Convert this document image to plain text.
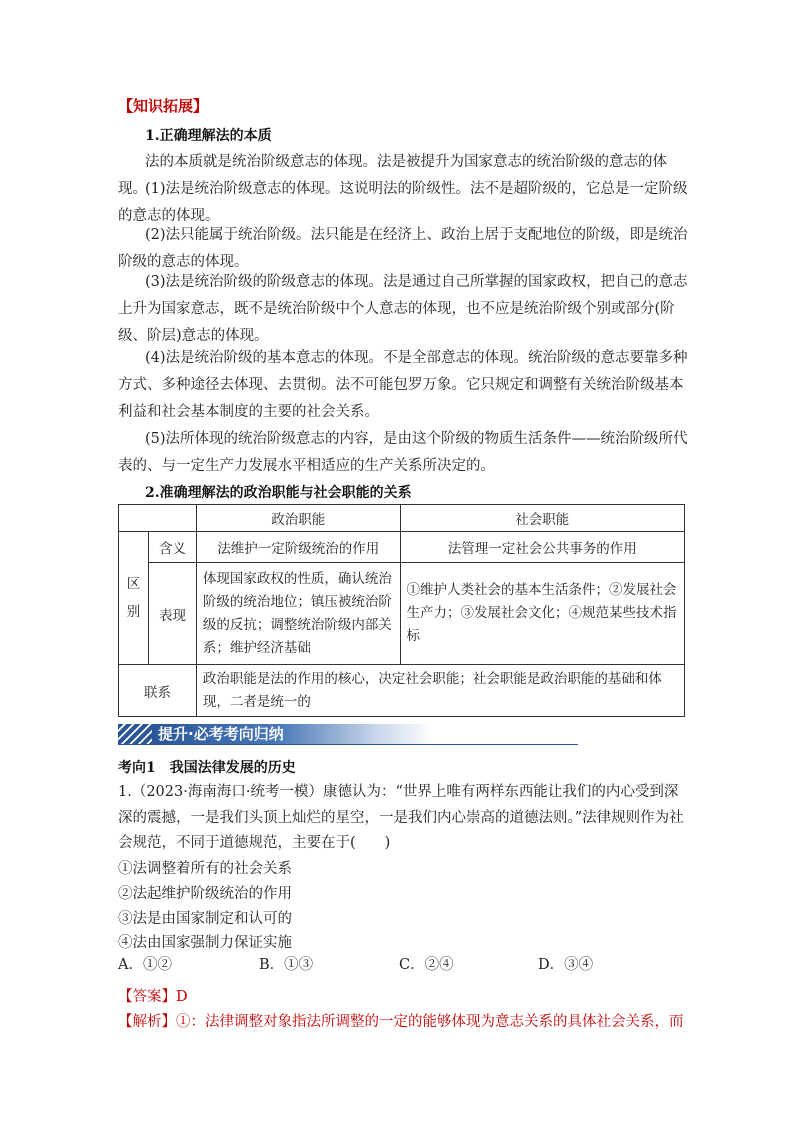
【知识拓展】
1.正确理解法的本质
法的本质就是统治阶级意志的体现。法是被提升为国家意志的统治阶级的意志的体现。
(1)法是统治阶级意志的体现。这说明法的阶级性。法不是超阶级的，它总是一定阶级的意志的体现。
(2)法只能属于统治阶级。法只能是在经济上、政治上居于支配地位的阶级，即是统治阶级的意志的体现。
(3)法是统治阶级的阶级意志的体现。法是通过自己所掌握的国家政权，把自己的意志上升为国家意志，既不是统治阶级中个人意志的体现，也不应是统治阶级个别或部分(阶级、阶层)意志的体现。
(4)法是统治阶级的基本意志的体现。不是全部意志的体现。统治阶级的意志要靠多种方式、多种途径去体现、去贯彻。法不可能包罗万象。它只规定和调整有关统治阶级基本利益和社会基本制度的主要的社会关系。
(5)法所体现的统治阶级意志的内容，是由这个阶级的物质生活条件——统治阶级所代表的、与一定生产力发展水平相适应的生产关系所决定的。
2.准确理解法的政治职能与社会职能的关系
		政治职能	社会职能

区别	含义	法维护一定阶级统治的作用	法管理一定社会公共事务的作用
	表现	体现国家政权的性质，确认统治阶级的统治地位；镇压被统治阶级的反抗；调整统治阶级内部关系；维护经济基础	①维护人类社会的基本生活条件；②发展社会生产力；③发展社会文化；④规范某些技术指标
联系		政治职能是法的作用的核心，决定社会职能；社会职能是政治职能的基础和体现，二者是统一的	
提升·必考考向归纳
考向1　我国法律发展的历史
1.（2023·海南海口·统考一模）康德认为：“世界上唯有两样东西能让我们的内心受到深深的震撼，一是我们头顶上灿烂的星空，一是我们内心崇高的道德法则。”法律规则作为社会规范，不同于道德规范，主要在于(　　)
①法调整着所有的社会关系
②法起维护阶级统治的作用
③法是由国家制定和认可的
④法由国家强制力保证实施
A．①②	B．①③	C．②④	D．③④
【答案】D
【解析】①：法律调整对象指法所调整的一定的能够体现为意志关系的具体社会关系，而
